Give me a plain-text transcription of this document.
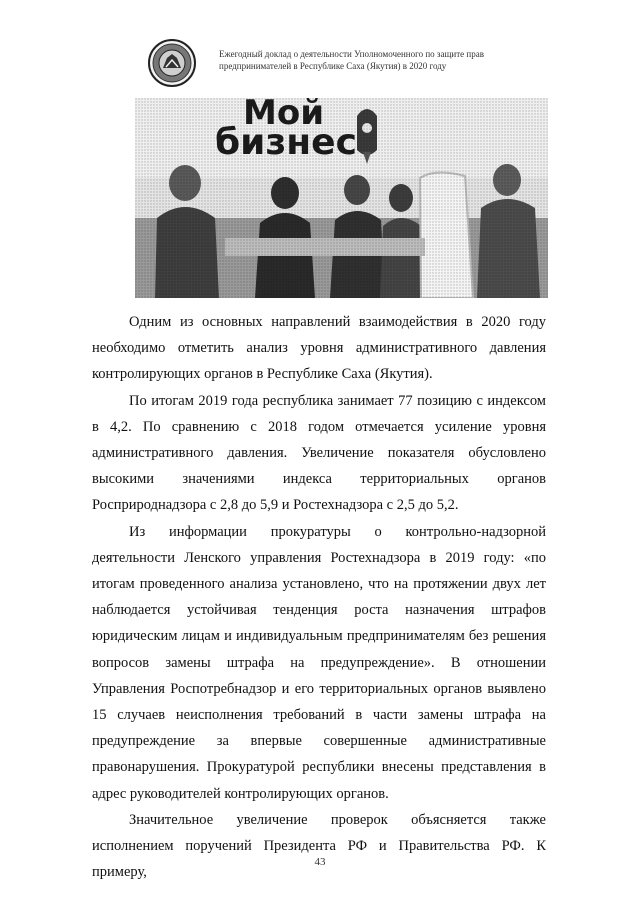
Ежегодный доклад о деятельности Уполномоченного по защите прав
предпринимателей в Республике Саха (Якутия) в 2020 году
Мой
бизнес

Одним из основных направлений взаимодействия в 2020 году необходимо отметить анализ уровня административного давления контролирующих органов в Республике Саха (Якутия).

По итогам 2019 года республика занимает 77 позицию с индексом в 4,2. По сравнению с 2018 годом отмечается усиление уровня административного давления. Увеличение показателя обусловлено высокими значениями индекса территориальных органов Росприроднадзора с 2,8 до 5,9 и Ростехнадзора с 2,5 до 5,2.

Из информации прокуратуры о контрольно-надзорной деятельности Ленского управления Ростехнадзора в 2019 году: «по итогам проведенного анализа установлено, что на протяжении двух лет наблюдается устойчивая тенденция роста назначения штрафов юридическим лицам и индивидуальным предпринимателям без решения вопросов замены штрафа на предупреждение». В отношении Управления Роспотребнадзор и его территориальных органов выявлено 15 случаев неисполнения требований в части замены штрафа на предупреждение за впервые совершенные административные правонарушения. Прокуратурой республики внесены представления в адрес руководителей контролирующих органов.

Значительное увеличение проверок объясняется также исполнением поручений Президента РФ и Правительства РФ. К примеру,

43
